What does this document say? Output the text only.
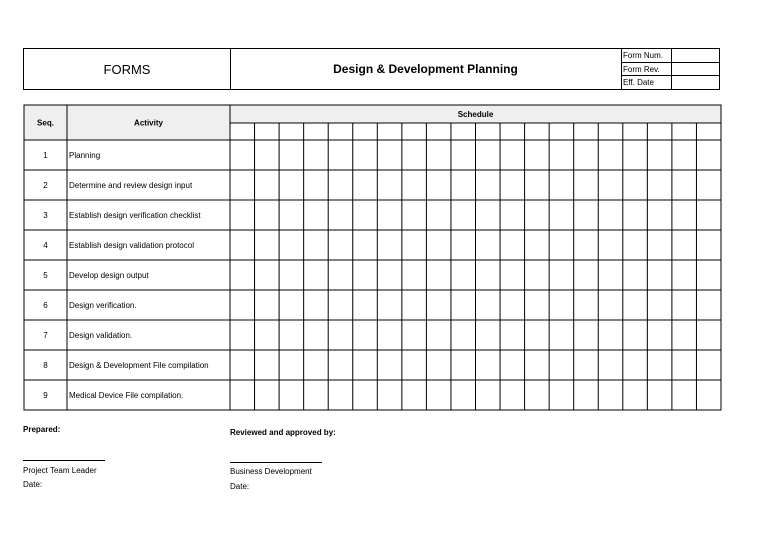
FORMS	Design & Development Planning
Form Num.
Form Rev.
Eff. Date
Seq.	Activity
Schedule
1	Planning
2	Determine and review design input
3	Establish design verification checklist
4	Establish design validation protocol
5	Develop design output
6	Design verification.
7	Design validation.
8	Design & Development File compilation
9	Medical Device File compilation.
Prepared:
Project Team Leader
Date:
Reviewed and approved by:
Business Development
Date:
